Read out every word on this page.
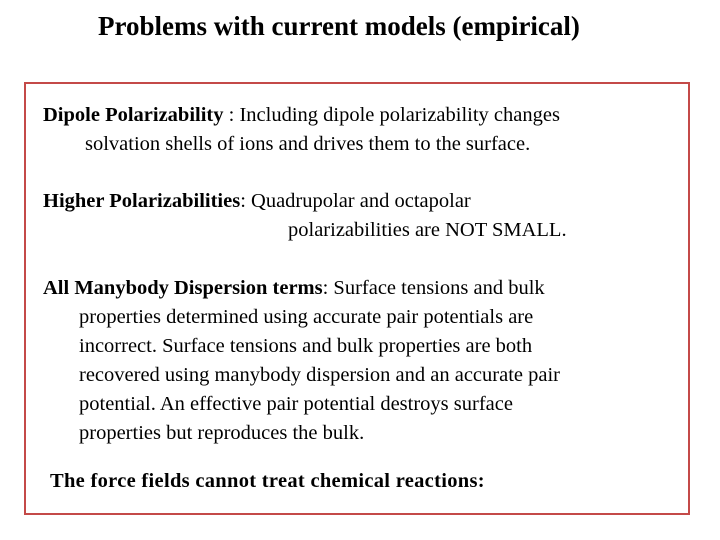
Problems with current models (empirical)
Dipole Polarizability : Including dipole polarizability changes
solvation shells of ions and drives them to the surface.
Higher Polarizabilities: Quadrupolar and octapolar
polarizabilities are NOT SMALL.
All Manybody Dispersion terms: Surface tensions and bulk
properties determined using accurate pair potentials are
incorrect. Surface tensions and bulk properties are both
recovered using manybody dispersion and an accurate pair
potential. An effective pair potential destroys surface
properties but reproduces the bulk.
The force fields cannot treat chemical reactions:
